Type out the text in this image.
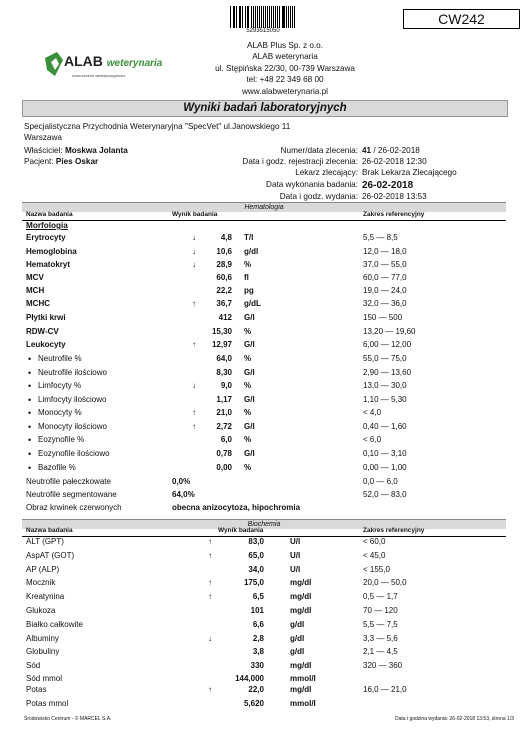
5293515050
CW242
ALAB weterynaria
nowoczesne weterynaryjności
ALAB Plus Sp. z o.o.
ALAB weterynaria
ul. Stępińska 22/30, 00-739 Warszawa
tel: +48 22 349 68 00
www.alabweterynaria.pl
Wyniki badań laboratoryjnych
Specjalistyczna Przychodnia Weterynaryjna "SpecVet" ul.Janowskiego 11
Warszawa
Właściciel: Moskwa Jolanta
Pacjent: Pies Oskar
Numer/data zlecenia: 41 / 26-02-2018
Data i godz. rejestracji zlecenia: 26-02-2018 12:30
Lekarz zlecający: Brak Lekarza Zlecającego
Data wykonania badania: 26-02-2018
Data i godz. wydania: 26-02-2018 13:53
Hematologia
Nazwa badania	Wynik badania	Zakres referencyjny
Morfologia
Erytrocyty	↓	4,8 T/l	5,5 — 8,5
Hemoglobina	↓	10,6 g/dl	12,0 — 18,0
Hematokryt	↓	28,9 %	37,0 — 55,0
MCV	60,6 fl	60,0 — 77,0
MCH	22,2 pg	19,0 — 24,0
MCHC	↑	36,7 g/dL	32,0 — 36,0
Płytki krwi	412 G/l	150 — 500
RDW-CV	15,30 %	13,20 — 19,60
Leukocyty	↑	12,97 G/l	6,00 — 12,00
• Neutrofile %	64,0 %	55,0 — 75,0
• Neutrofile ilościowo	8,30 G/l	2,90 — 13,60
• Limfocyty %	↓	9,0 %	13,0 — 30,0
• Limfocyty ilościowo	1,17 G/l	1,10 — 5,30
• Monocyty %	↑	21,0 %	< 4,0
• Monocyty ilościowo	↑	2,72 G/l	0,40 — 1,60
• Eozynofile %	6,0 %	< 6,0
• Eozynofile ilościowo	0,78 G/l	0,10 — 3,10
• Bazofile %	0,00 %	0,00 — 1,00
Neutrofile pałeczkowate	0,0%	0,0 — 6,0
Neutrofile segmentowane	64,0%	52,0 — 83,0
Obraz krwinek czerwonych	obecna anizocytoza, hipochromia
Biochemia
Nazwa badania	Wynik badania	Zakres referencyjny
ALT (GPT)	↑	83,0	U/l	< 60,0
AspAT (GOT)	↑	65,0	U/l	< 45,0
AP (ALP)	34,0	U/l	< 155,0
Mocznik	↑	175,0	mg/dl	20,0 — 50,0
Kreatynina	↑	6,5	mg/dl	0,5 — 1,7
Glukoza	101	mg/dl	70 — 120
Białko całkowite	6,6	g/dl	5,5 — 7,5
Albuminy	↓	2,8	g/dl	3,3 — 5,6
Globuliny	3,8	g/dl	2,1 — 4,5
Sód	330	mg/dl	320 — 360
Sód mmol	144,000	mmol/l
Potas	↑	22,0	mg/dl	16,0 — 21,0
Potas mmol	5,620	mmol/l
Środowisko Centrum - © MARCEL S.A.	Data i godzina wydania: 26-02-2018 13:53, strona 1/3
